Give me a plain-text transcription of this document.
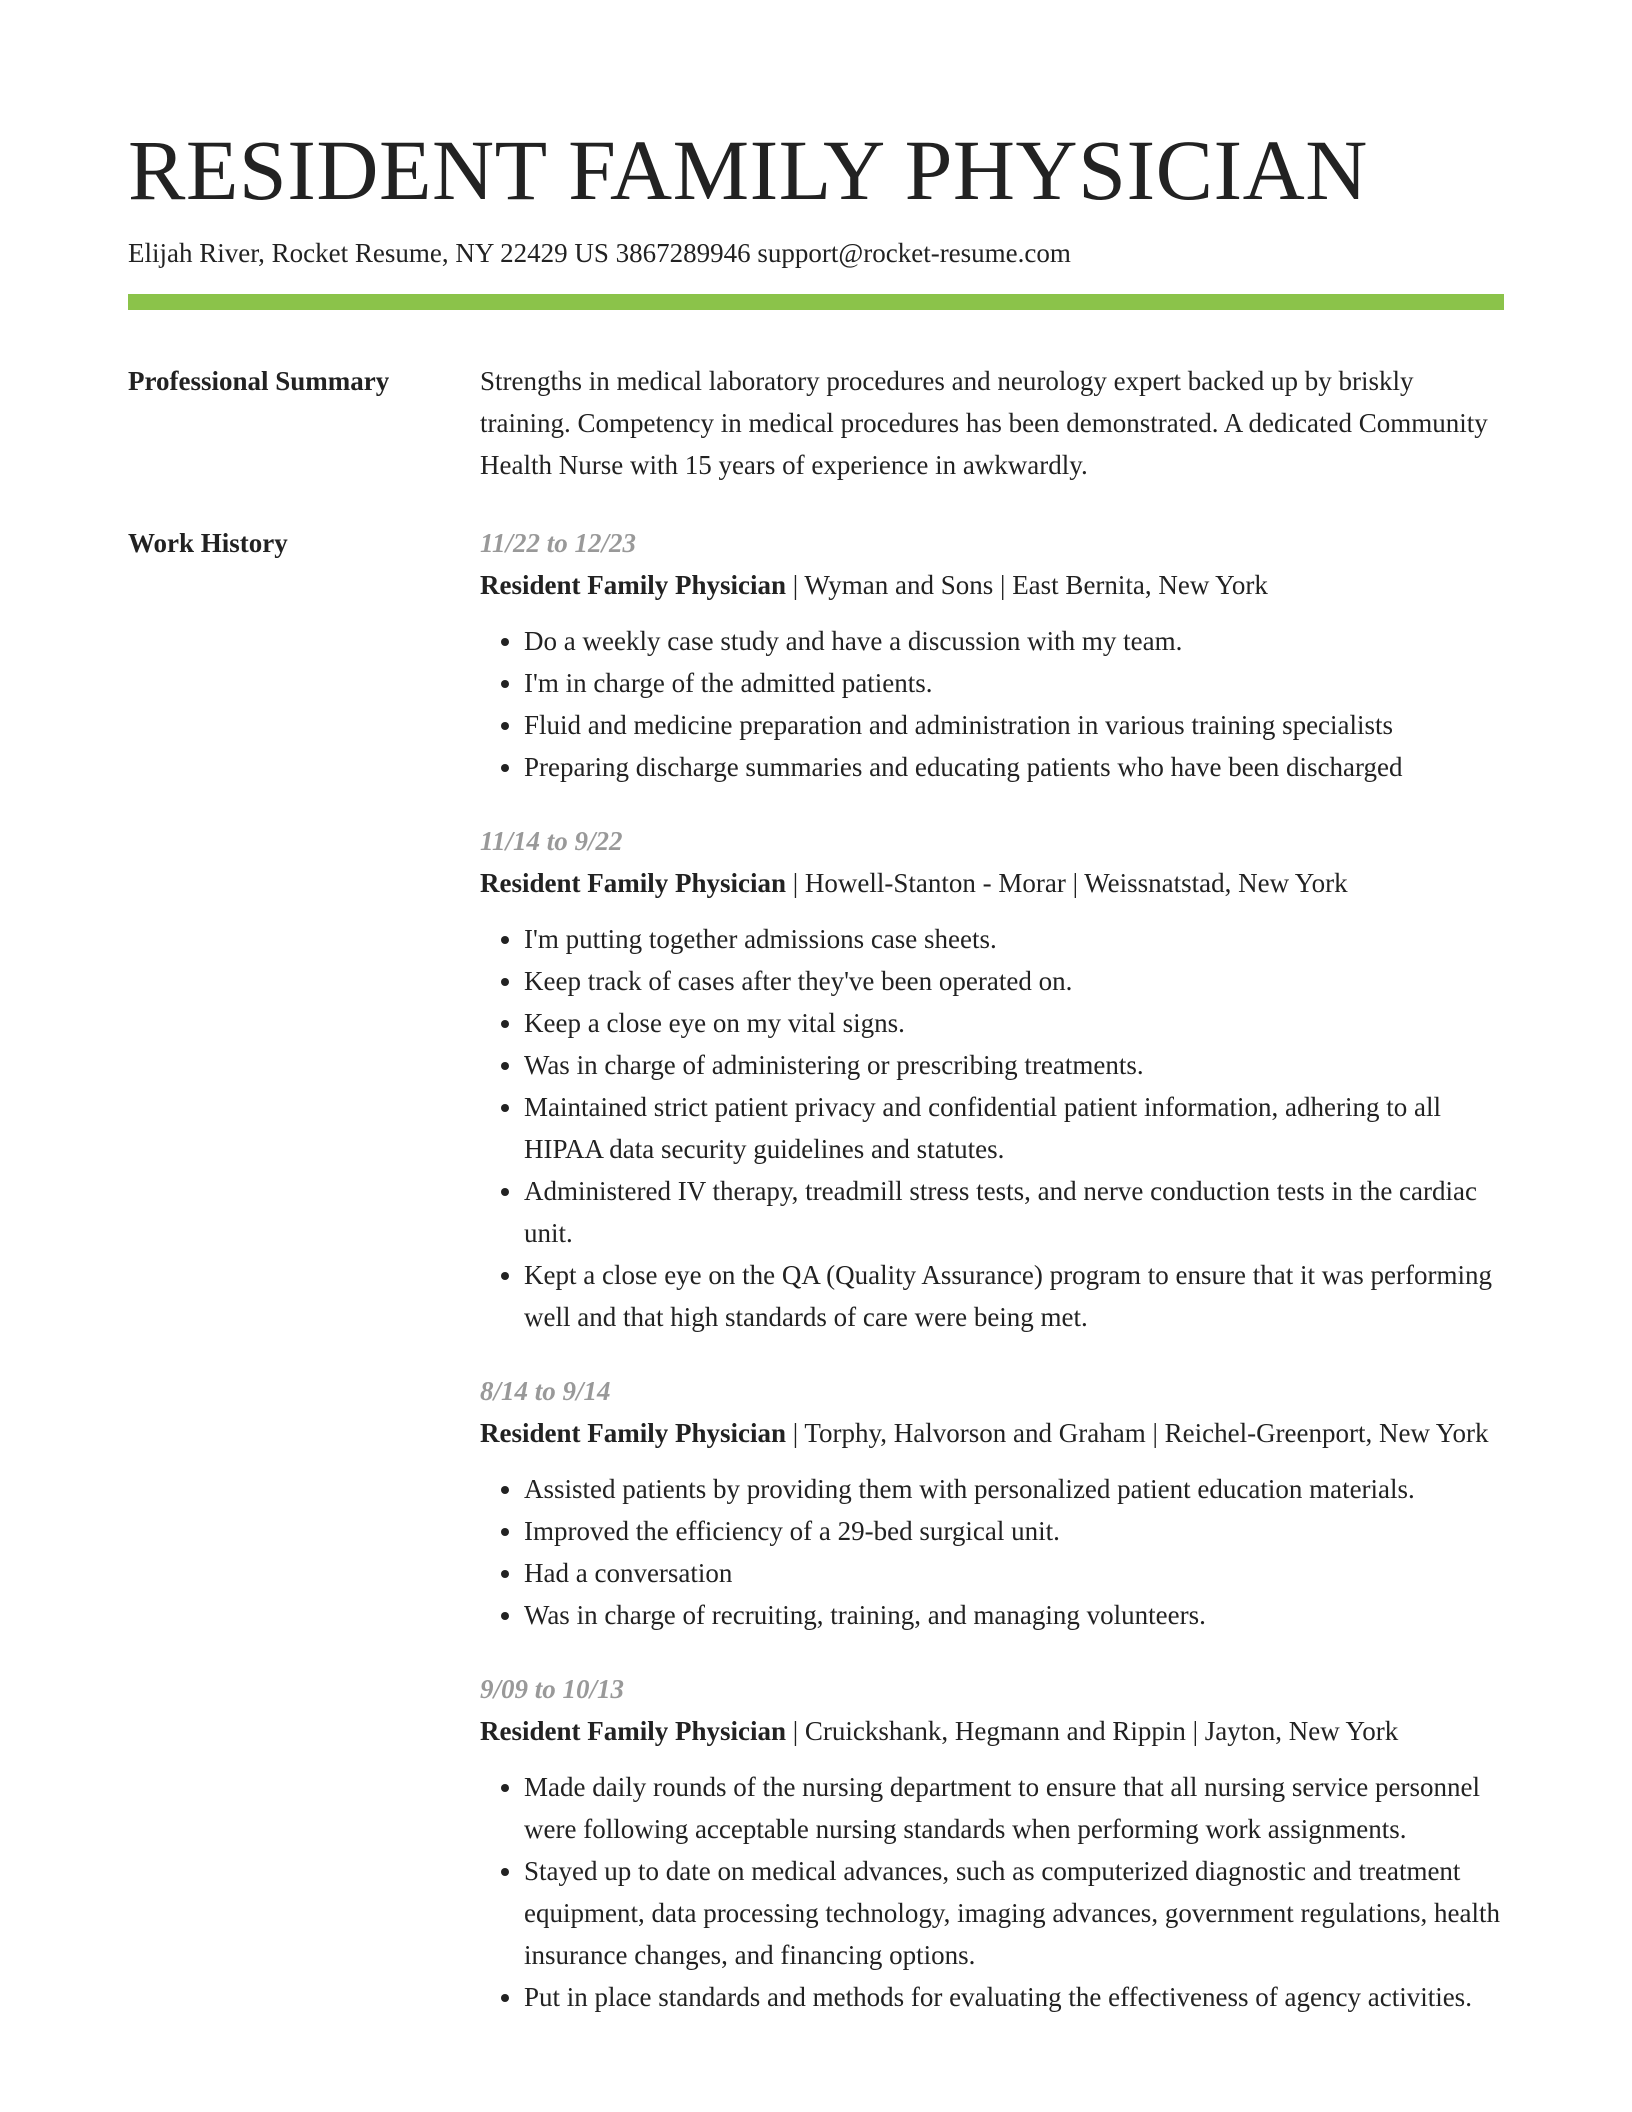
RESIDENT FAMILY PHYSICIAN
Elijah River, Rocket Resume, NY 22429 US 3867289946 support@rocket-resume.com
Professional Summary	Strengths in medical laboratory procedures and neurology expert backed up by briskly training. Competency in medical procedures has been demonstrated. A dedicated Community Health Nurse with 15 years of experience in awkwardly.

Work History	11/22 to 12/23
Resident Family Physician | Wyman and Sons | East Bernita, New York
• Do a weekly case study and have a discussion with my team.
• I'm in charge of the admitted patients.
• Fluid and medicine preparation and administration in various training specialists
• Preparing discharge summaries and educating patients who have been discharged
11/14 to 9/22
Resident Family Physician | Howell-Stanton - Morar | Weissnatstad, New York
• I'm putting together admissions case sheets.
• Keep track of cases after they've been operated on.
• Keep a close eye on my vital signs.
• Was in charge of administering or prescribing treatments.
• Maintained strict patient privacy and confidential patient information, adhering to all HIPAA data security guidelines and statutes.
• Administered IV therapy, treadmill stress tests, and nerve conduction tests in the cardiac unit.
• Kept a close eye on the QA (Quality Assurance) program to ensure that it was performing well and that high standards of care were being met.
8/14 to 9/14
Resident Family Physician | Torphy, Halvorson and Graham | Reichel-Greenport, New York
• Assisted patients by providing them with personalized patient education materials.
• Improved the efficiency of a 29-bed surgical unit.
• Had a conversation
• Was in charge of recruiting, training, and managing volunteers.
9/09 to 10/13
Resident Family Physician | Cruickshank, Hegmann and Rippin | Jayton, New York
• Made daily rounds of the nursing department to ensure that all nursing service personnel were following acceptable nursing standards when performing work assignments.
• Stayed up to date on medical advances, such as computerized diagnostic and treatment equipment, data processing technology, imaging advances, government regulations, health insurance changes, and financing options.
• Put in place standards and methods for evaluating the effectiveness of agency activities.
